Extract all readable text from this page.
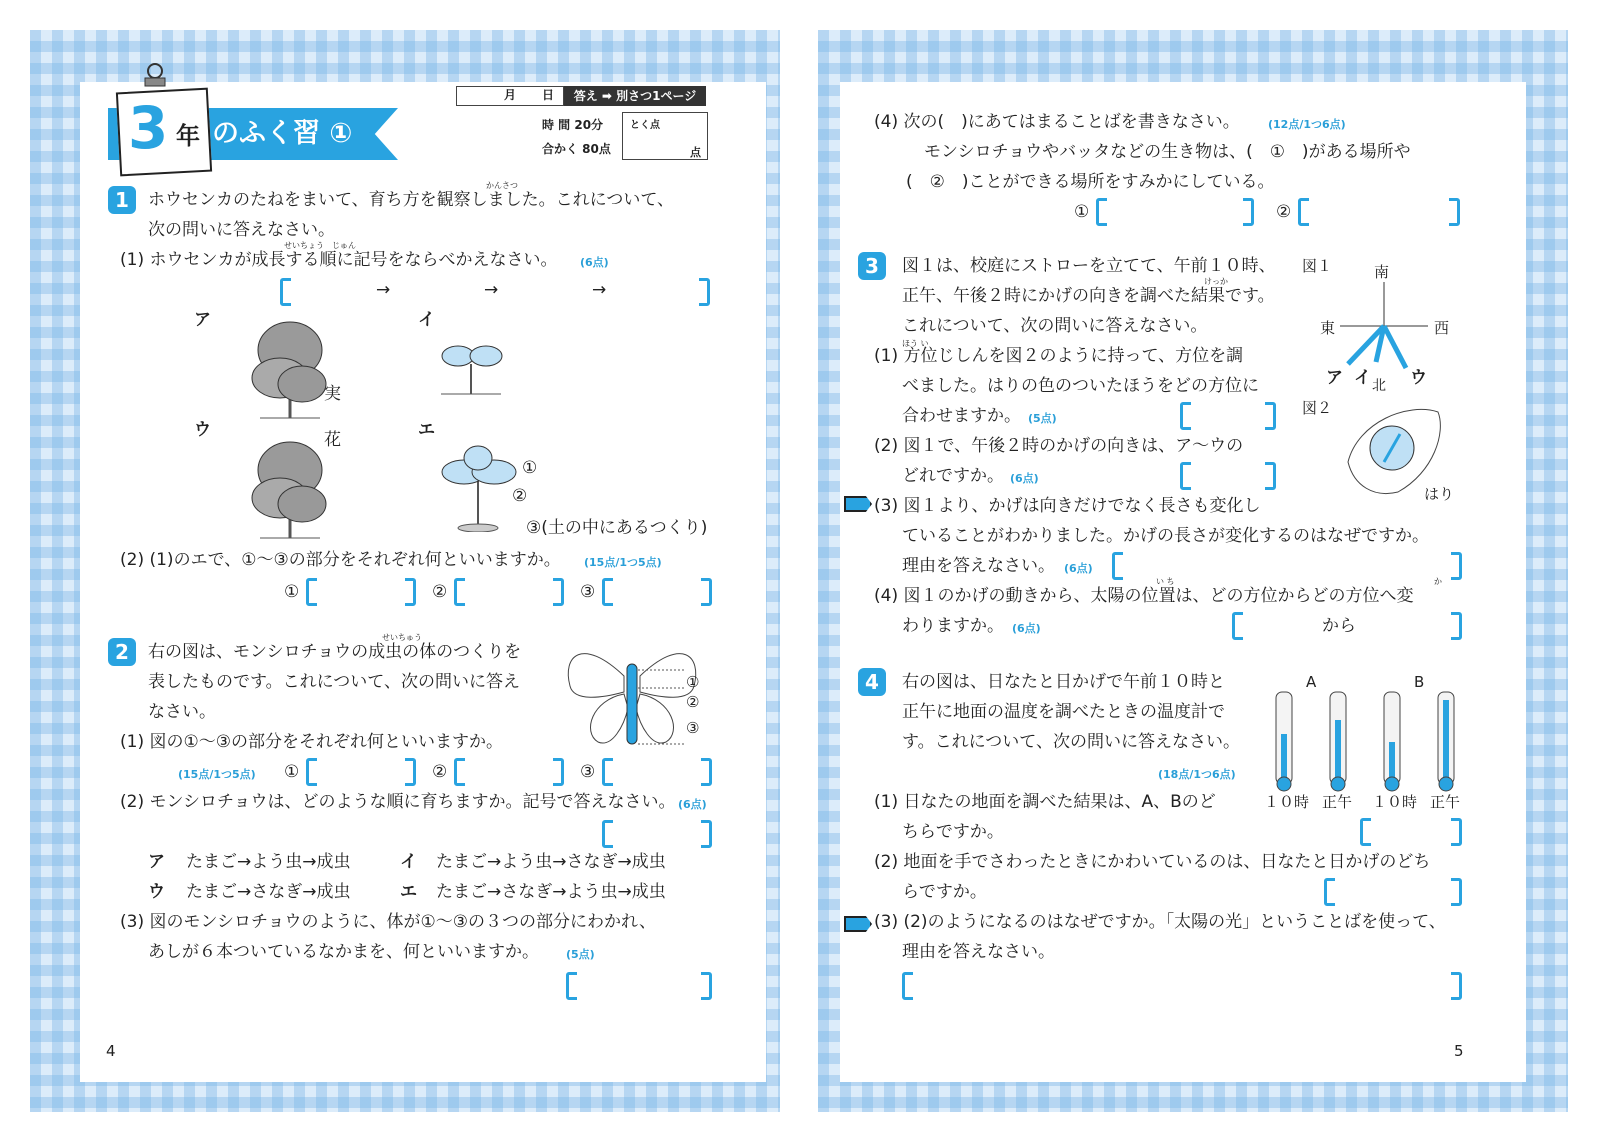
3 年 のふく習 ①
月 日	答え ➡ 別さつ1ページ
時 間 20分
合かく 80点
とく点
点
1
かんさつ
ホウセンカのたねをまいて、育ち方を観察しました。これについて、
次の問いに答えなさい。
せいちょう じゅん
(1) ホウセンカが成長する順に記号をならべかえなさい。 (6点)
→	→	→
ア	イ
ウ	エ
実
花
①
②
③(土の中にあるつくり)
(2) (1)のエで、①〜③の部分をそれぞれ何といいますか。 (15点/1つ5点)
①	②	③
2
せいちゅう
右の図は、モンシロチョウの成虫の体のつくりを
表したものです。これについて、次の問いに答え
なさい。
①
②
③
(1) 図の①〜③の部分をそれぞれ何といいますか。
(15点/1つ5点) ①	②	③
(2) モンシロチョウは、どのような順に育ちますか。記号で答えなさい。 (6点)
ア たまご→よう虫→成虫	イ たまご→よう虫→さなぎ→成虫
ウ たまご→さなぎ→成虫	エ たまご→さなぎ→よう虫→成虫
(3) 図のモンシロチョウのように、体が①〜③の３つの部分にわかれ、
あしが６本ついているなかまを、何といいますか。 (5点)
4
(4) 次の(　)にあてはまることばを書きなさい。	(12点/1つ6点)
モンシロチョウやバッタなどの生き物は、(　①　)がある場所や
(　②　)ことができる場所をすみかにしている。
①	②
3	図１は、校庭にストローを立てて、午前１０時、
けっか
正午、午後２時にかげの向きを調べた結果です。
これについて、次の問いに答えなさい。
図１	南
東	西
ア イ 北 ウ
図２
はり
ほう い
(1) 方位じしんを図２のように持って、方位を調
べました。はりの色のついたほうをどの方位に
合わせますか。 (5点)
(2) 図１で、午後２時のかげの向きは、ア〜ウの
どれですか。 (6点)
(3) 図１より、かげは向きだけでなく長さも変化し
ていることがわかりました。かげの長さが変化するのはなぜですか。
理由を答えなさい。 (6点)
い ち	か
(4) 図１のかげの動きから、太陽の位置は、どの方位からどの方位へ変
わりますか。 (6点)	から
4	右の図は、日なたと日かげで午前１０時と
正午に地面の温度を調べたときの温度計で
す。これについて、次の問いに答えなさい。
(18点/1つ6点)
A	B
１０時 正午 １０時 正午
(1) 日なたの地面を調べた結果は、A、Bのど
ちらですか。
(2) 地面を手でさわったときにかわいているのは、日なたと日かげのどち
らですか。
(3) (2)のようになるのはなぜですか。「太陽の光」ということばを使って、
理由を答えなさい。
5
